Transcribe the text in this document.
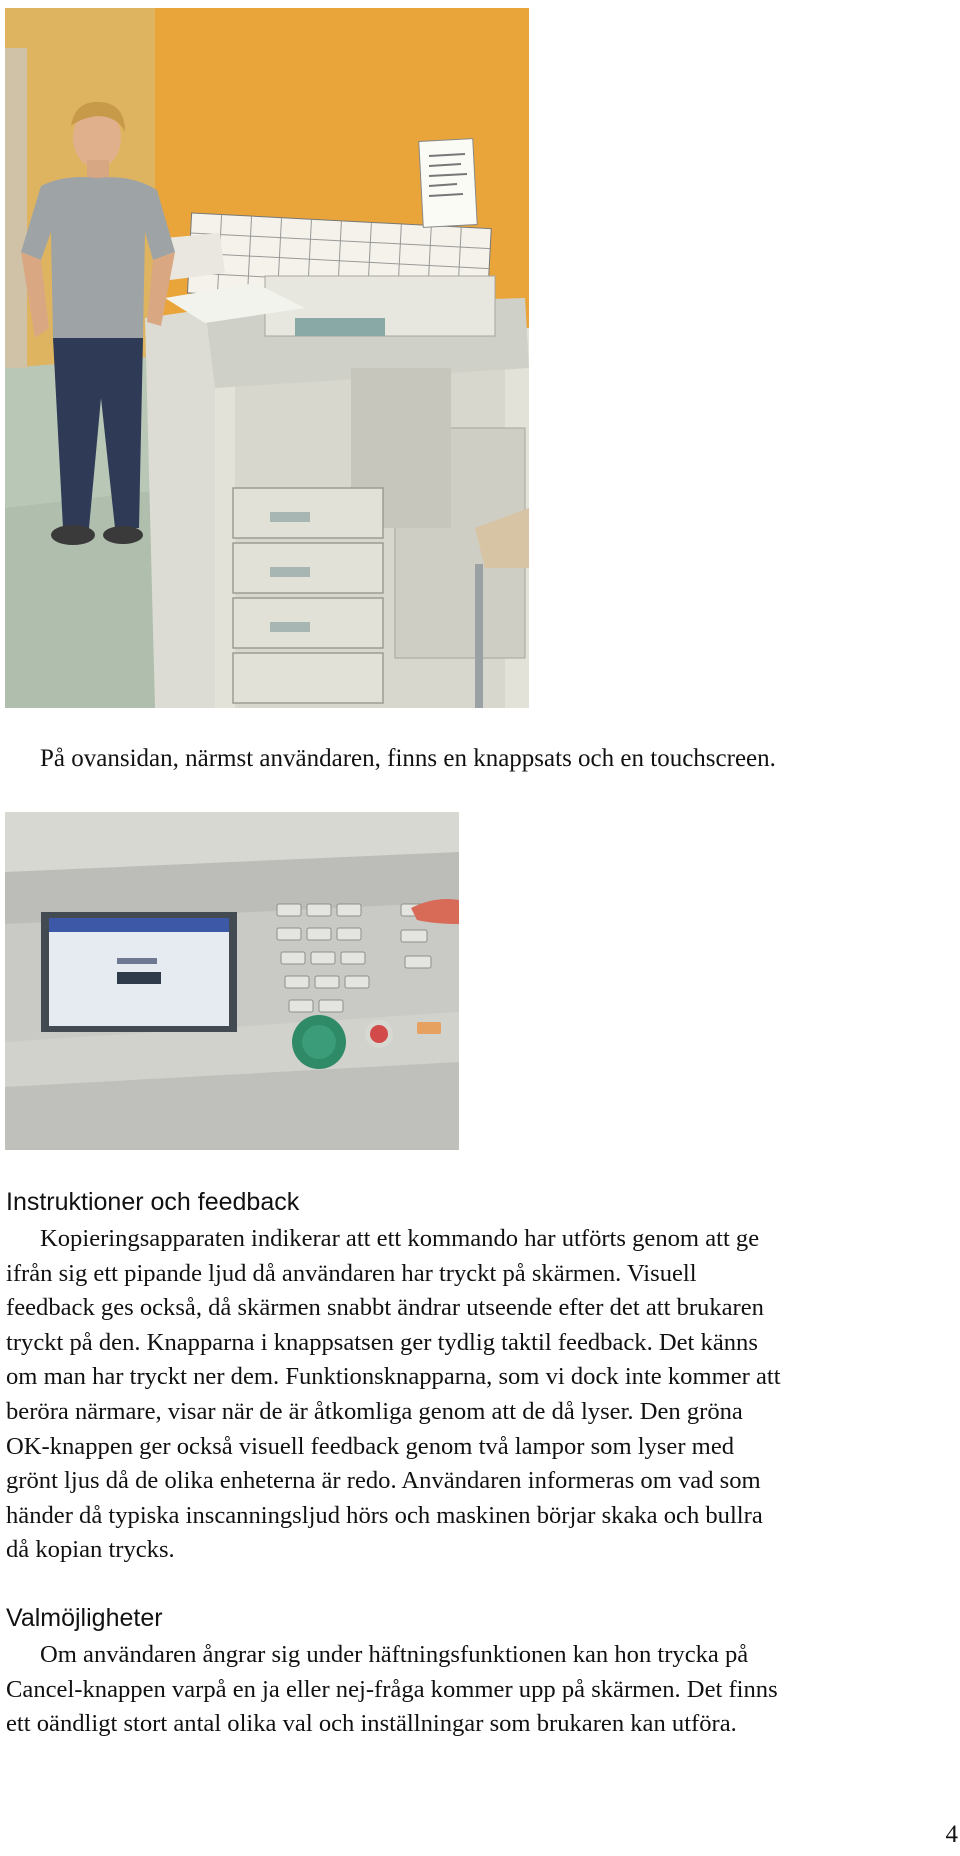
På ovansidan, närmst användaren, finns en knappsats och en touchscreen.
Instruktioner och feedback
Kopieringsapparaten indikerar att ett kommando har utförts genom att ge
ifrån sig ett pipande ljud då användaren har tryckt på skärmen. Visuell
feedback ges också, då skärmen snabbt ändrar utseende efter det att brukaren
tryckt på den. Knapparna i knappsatsen ger tydlig taktil feedback. Det känns
om man har tryckt ner dem. Funktionsknapparna, som vi dock inte kommer att
beröra närmare, visar när de är åtkomliga genom att de då lyser. Den gröna
OK-knappen ger också visuell feedback genom två lampor som lyser med
grönt ljus då de olika enheterna är redo. Användaren informeras om vad som
händer då typiska inscanningsljud hörs och maskinen börjar skaka och bullra
då kopian trycks.
Valmöjligheter
Om användaren ångrar sig under häftningsfunktionen kan hon trycka på
Cancel-knappen varpå en ja eller nej-fråga kommer upp på skärmen. Det finns
ett oändligt stort antal olika val och inställningar som brukaren kan utföra.
4
